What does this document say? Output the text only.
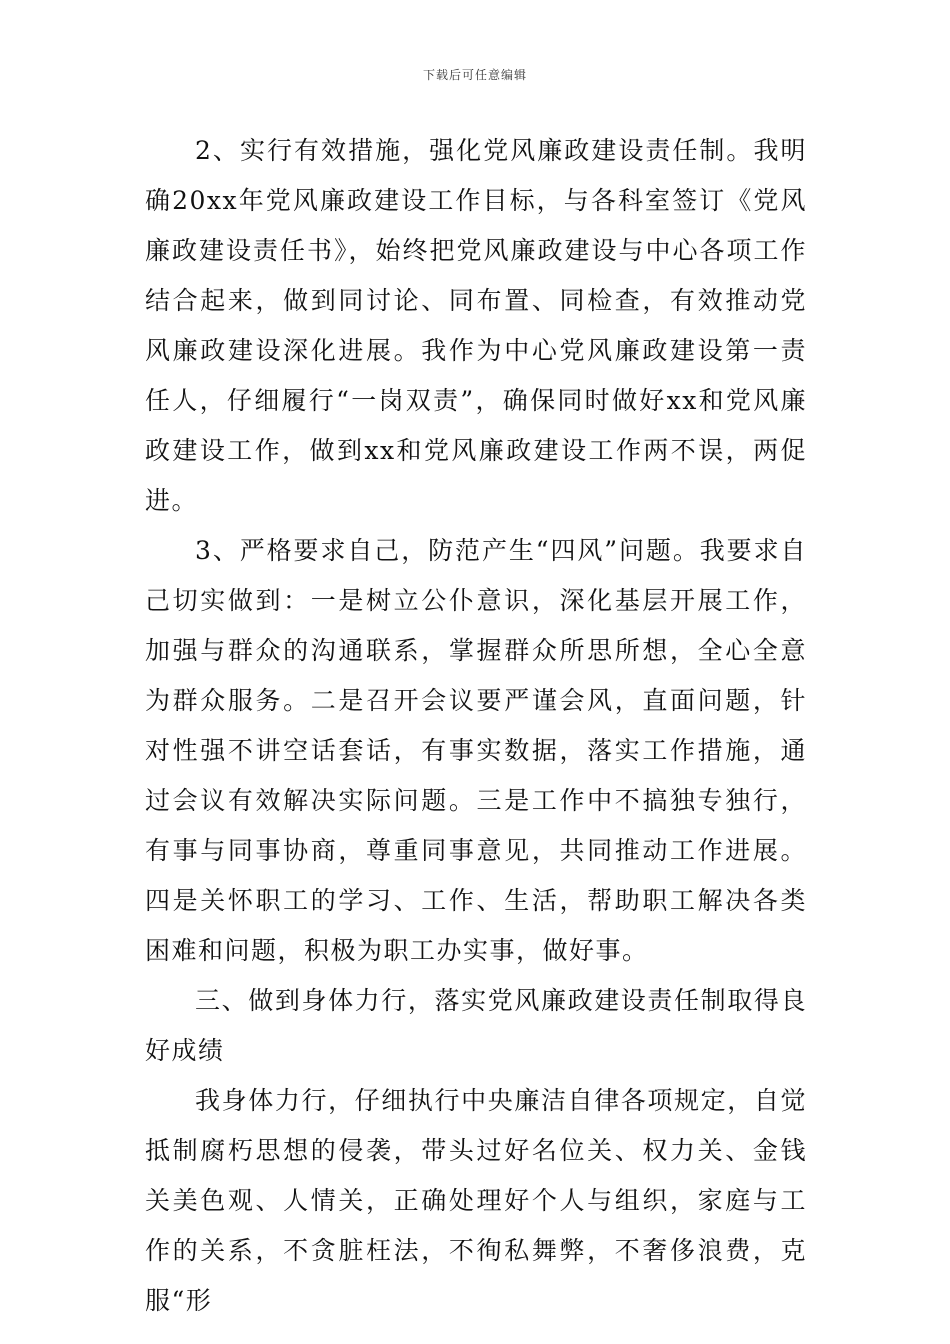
下载后可任意编辑

2、实行有效措施，强化党风廉政建设责任制。我明确20xx年党风廉政建设工作目标，与各科室签订《党风廉政建设责任书》，始终把党风廉政建设与中心各项工作结合起来，做到同讨论、同布置、同检查，有效推动党风廉政建设深化进展。我作为中心党风廉政建设第一责任人，仔细履行“一岗双责”，确保同时做好xx和党风廉政建设工作，做到xx和党风廉政建设工作两不误，两促进。

3、严格要求自己，防范产生“四风”问题。我要求自己切实做到：一是树立公仆意识，深化基层开展工作，加强与群众的沟通联系，掌握群众所思所想，全心全意为群众服务。二是召开会议要严谨会风，直面问题，针对性强不讲空话套话，有事实数据，落实工作措施，通过会议有效解决实际问题。三是工作中不搞独专独行，有事与同事协商，尊重同事意见，共同推动工作进展。四是关怀职工的学习、工作、生活，帮助职工解决各类困难和问题，积极为职工办实事，做好事。

三、做到身体力行，落实党风廉政建设责任制取得良好成绩

我身体力行，仔细执行中央廉洁自律各项规定，自觉抵制腐朽思想的侵袭，带头过好名位关、权力关、金钱关美色观、人情关，正确处理好个人与组织，家庭与工作的关系，不贪脏枉法，不徇私舞弊，不奢侈浪费，克服“形
